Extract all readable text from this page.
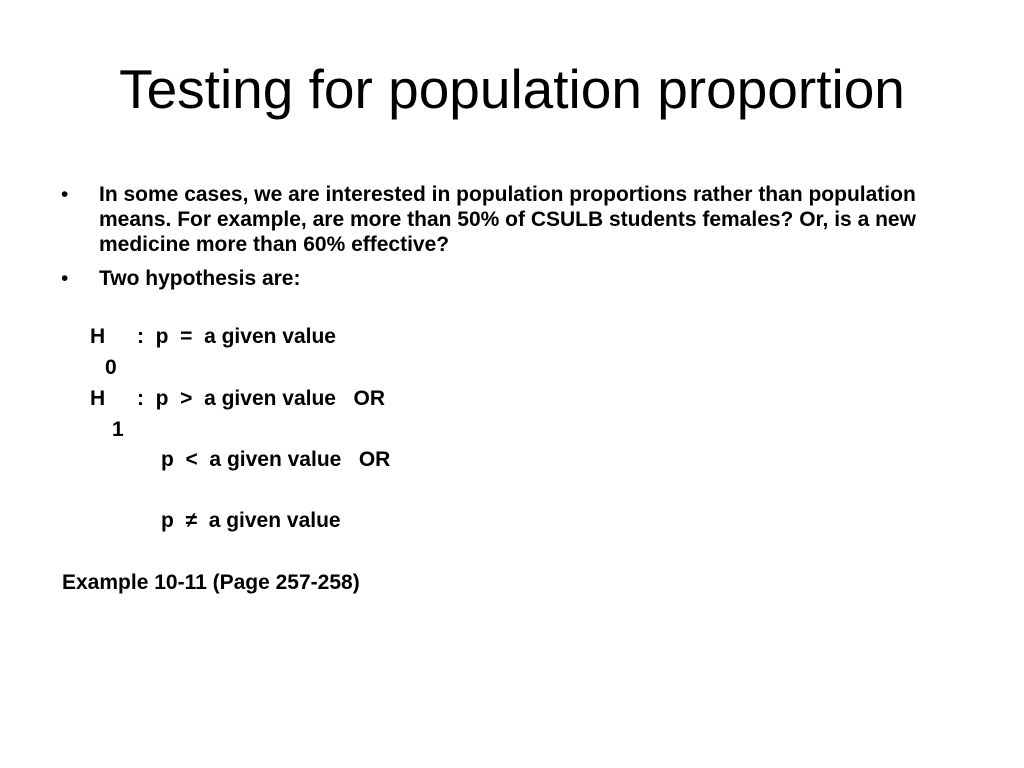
Testing for population proportion
• In some cases, we are interested in population proportions rather than population means. For example, are more than 50% of CSULB students females? Or, is a new medicine more than 60% effective?
• Two hypothesis are:
H :  p  =  a given value
0
H :  p  >  a given value   OR
1
p  <  a given value   OR
p  ≠  a given value
Example 10-11 (Page 257-258)
